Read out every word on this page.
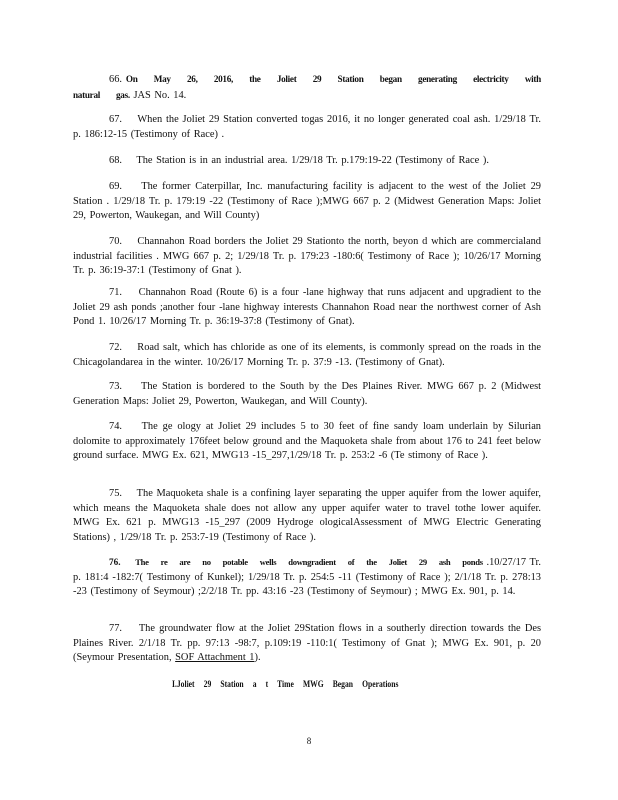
66. On May 26, 2016, the Joliet 29 Station began generating electricity with natural gas. JAS No. 14.
67. When the Joliet 29 Station converted togas 2016, it no longer generated coal ash. 1/29/18 Tr. p. 186:12-15 (Testimony of Race) .
68. The Station is in an industrial area. 1/29/18 Tr. p.179:19-22 (Testimony of Race ).
69. The former Caterpillar, Inc. manufacturing facility is adjacent to the west of the Joliet 29 Station . 1/29/18 Tr. p. 179:19 -22 (Testimony of Race );MWG 667 p. 2 (Midwest Generation Maps: Joliet 29, Powerton, Waukegan, and Will County)
70. Channahon Road borders the Joliet 29 Stationto the north, beyon d which are commercialand industrial facilities . MWG 667 p. 2; 1/29/18 Tr. p. 179:23 -180:6( Testimony of Race ); 10/26/17 Morning Tr. p. 36:19-37:1 (Testimony of Gnat ).
71. Channahon Road (Route 6) is a four -lane highway that runs adjacent and upgradient to the Joliet 29 ash ponds ;another four -lane highway interests Channahon Road near the northwest corner of Ash Pond 1. 10/26/17 Morning Tr. p. 36:19-37:8 (Testimony of Gnat).
72. Road salt, which has chloride as one of its elements, is commonly spread on the roads in the Chicagolandarea in the winter. 10/26/17 Morning Tr. p. 37:9 -13. (Testimony of Gnat).
73. The Station is bordered to the South by the Des Plaines River. MWG 667 p. 2 (Midwest Generation Maps: Joliet 29, Powerton, Waukegan, and Will County).
74. The ge ology at Joliet 29 includes 5 to 30 feet of fine sandy loam underlain by Silurian dolomite to approximately 176feet below ground and the Maquoketa shale from about 176 to 241 feet below ground surface. MWG Ex. 621, MWG13 -15_297,1/29/18 Tr. p. 253:2 -6 (Te stimony of Race ).
75. The Maquoketa shale is a confining layer separating the upper aquifer from the lower aquifer, which means the Maquoketa shale does not allow any upper aquifer water to travel tothe lower aquifer. MWG Ex. 621 p. MWG13 -15_297 (2009 Hydroge ologicalAssessment of MWG Electric Generating Stations) , 1/29/18 Tr. p. 253:7-19 (Testimony of Race ).
76. The re are no potable wells downgradient of the Joliet 29 ash ponds .10/27/17 Tr. p. 181:4 -182:7( Testimony of Kunkel); 1/29/18 Tr. p. 254:5 -11 (Testimony of Race ); 2/1/18 Tr. p. 278:13 -23 (Testimony of Seymour) ;2/2/18 Tr. pp. 43:16 -23 (Testimony of Seymour) ; MWG Ex. 901, p. 14.
77. The groundwater flow at the Joliet 29Station flows in a southerly direction towards the Des Plaines River. 2/1/18 Tr. pp. 97:13 -98:7, p.109:19 -110:1( Testimony of Gnat ); MWG Ex. 901, p. 20 (Seymour Presentation, SOF Attachment 1).
I.Joliet 29 Station a t Time MWG Began Operations
8
